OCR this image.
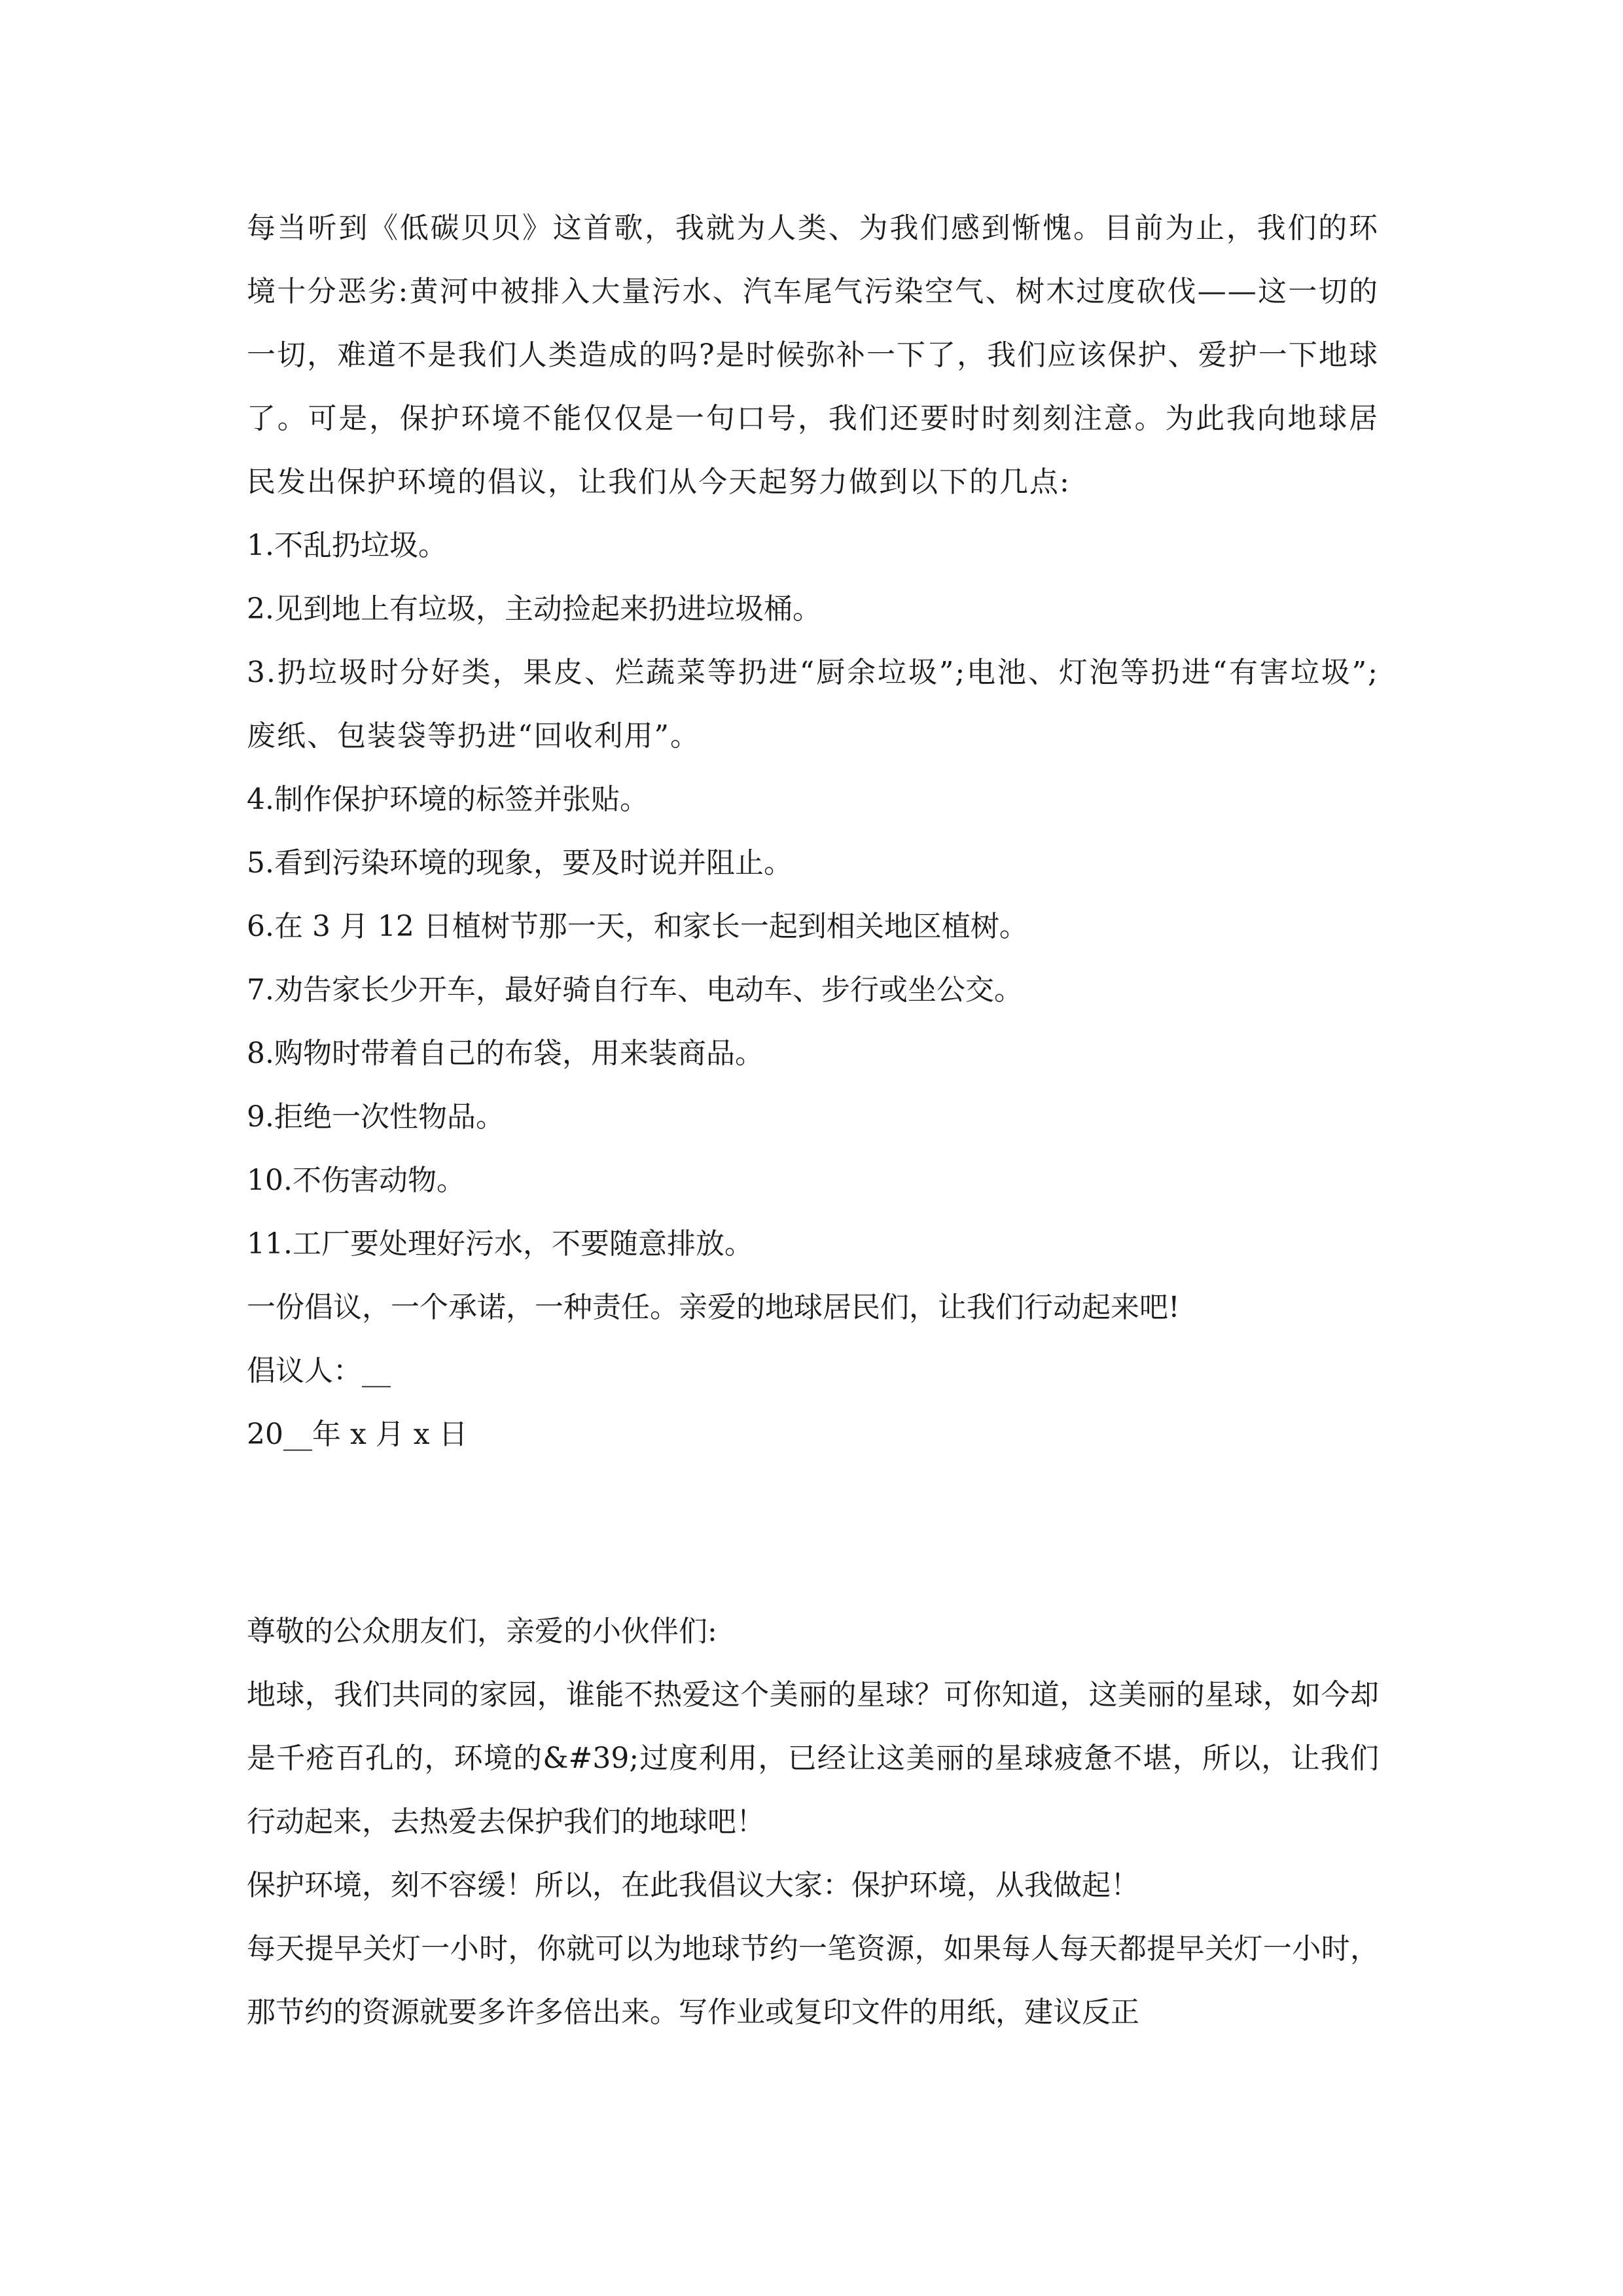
每当听到《低碳贝贝》这首歌，我就为人类、为我们感到惭愧。目前为止，我们的环境十分恶劣:黄河中被排入大量污水、汽车尾气污染空气、树木过度砍伐——这一切的一切，难道不是我们人类造成的吗?是时候弥补一下了，我们应该保护、爱护一下地球了。可是，保护环境不能仅仅是一句口号，我们还要时时刻刻注意。为此我向地球居民发出保护环境的倡议，让我们从今天起努力做到以下的几点:

1.不乱扔垃圾。

2.见到地上有垃圾，主动捡起来扔进垃圾桶。

3.扔垃圾时分好类，果皮、烂蔬菜等扔进“厨余垃圾”;电池、灯泡等扔进“有害垃圾”;废纸、包装袋等扔进“回收利用”。

4.制作保护环境的标签并张贴。

5.看到污染环境的现象，要及时说并阻止。

6.在 3 月 12 日植树节那一天，和家长一起到相关地区植树。

7.劝告家长少开车，最好骑自行车、电动车、步行或坐公交。

8.购物时带着自己的布袋，用来装商品。

9.拒绝一次性物品。

10.不伤害动物。

11.工厂要处理好污水，不要随意排放。

一份倡议，一个承诺，一种责任。亲爱的地球居民们，让我们行动起来吧!

倡议人：__

20__年 x 月 x 日

尊敬的公众朋友们，亲爱的小伙伴们:

地球，我们共同的家园，谁能不热爱这个美丽的星球？可你知道，这美丽的星球，如今却是千疮百孔的，环境的&#39;过度利用，已经让这美丽的星球疲惫不堪，所以，让我们行动起来，去热爱去保护我们的地球吧！

保护环境，刻不容缓！所以，在此我倡议大家：保护环境，从我做起！

每天提早关灯一小时，你就可以为地球节约一笔资源，如果每人每天都提早关灯一小时，那节约的资源就要多许多倍出来。写作业或复印文件的用纸，建议反正
